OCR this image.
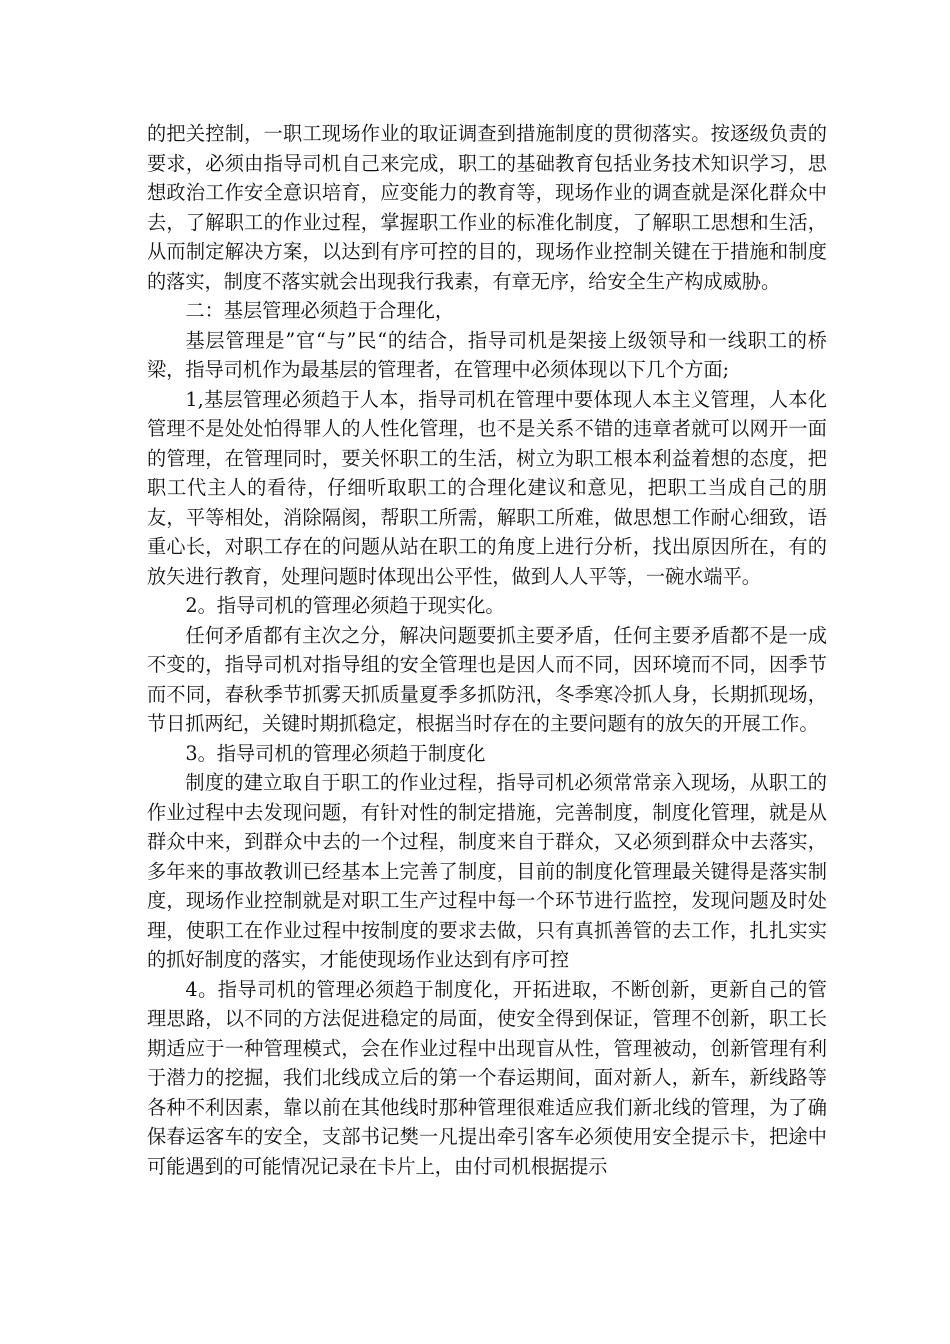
的把关控制，一职工现场作业的取证调查到措施制度的贯彻落实。按逐级负责的要求，必须由指导司机自己来完成，职工的基础教育包括业务技术知识学习，思想政治工作安全意识培育，应变能力的教育等，现场作业的调查就是深化群众中去，了解职工的作业过程，掌握职工作业的标准化制度，了解职工思想和生活，从而制定解决方案，以达到有序可控的目的，现场作业控制关键在于措施和制度的落实，制度不落实就会出现我行我素，有章无序，给安全生产构成威胁。

二：基层管理必须趋于合理化，

基层管理是”官“与”民“的结合，指导司机是架接上级领导和一线职工的桥梁，指导司机作为最基层的管理者，在管理中必须体现以下几个方面;

1,基层管理必须趋于人本，指导司机在管理中要体现人本主义管理，人本化管理不是处处怕得罪人的人性化管理，也不是关系不错的违章者就可以网开一面的管理，在管理同时，要关怀职工的生活，树立为职工根本利益着想的态度，把职工代主人的看待，仔细听取职工的合理化建议和意见，把职工当成自己的朋友，平等相处，消除隔阂，帮职工所需，解职工所难，做思想工作耐心细致，语重心长，对职工存在的问题从站在职工的角度上进行分析，找出原因所在，有的放矢进行教育，处理问题时体现出公平性，做到人人平等，一碗水端平。

2。指导司机的管理必须趋于现实化。

任何矛盾都有主次之分，解决问题要抓主要矛盾，任何主要矛盾都不是一成不变的，指导司机对指导组的安全管理也是因人而不同，因环境而不同，因季节而不同，春秋季节抓雾天抓质量夏季多抓防汛，冬季寒冷抓人身，长期抓现场，节日抓两纪，关键时期抓稳定，根据当时存在的主要问题有的放矢的开展工作。

3。指导司机的管理必须趋于制度化

制度的建立取自于职工的作业过程，指导司机必须常常亲入现场，从职工的作业过程中去发现问题，有针对性的制定措施，完善制度，制度化管理，就是从群众中来，到群众中去的一个过程，制度来自于群众，又必须到群众中去落实，多年来的事故教训已经基本上完善了制度，目前的制度化管理最关键得是落实制度，现场作业控制就是对职工生产过程中每一个环节进行监控，发现问题及时处理，使职工在作业过程中按制度的要求去做，只有真抓善管的去工作，扎扎实实的抓好制度的落实，才能使现场作业达到有序可控

4。指导司机的管理必须趋于制度化，开拓进取，不断创新，更新自己的管理思路，以不同的方法促进稳定的局面，使安全得到保证，管理不创新，职工长期适应于一种管理模式，会在作业过程中出现盲从性，管理被动，创新管理有利于潜力的挖掘，我们北线成立后的第一个春运期间，面对新人，新车，新线路等各种不利因素，靠以前在其他线时那种管理很难适应我们新北线的管理，为了确保春运客车的安全，支部书记樊一凡提出牵引客车必须使用安全提示卡，把途中可能遇到的可能情况记录在卡片上，由付司机根据提示
